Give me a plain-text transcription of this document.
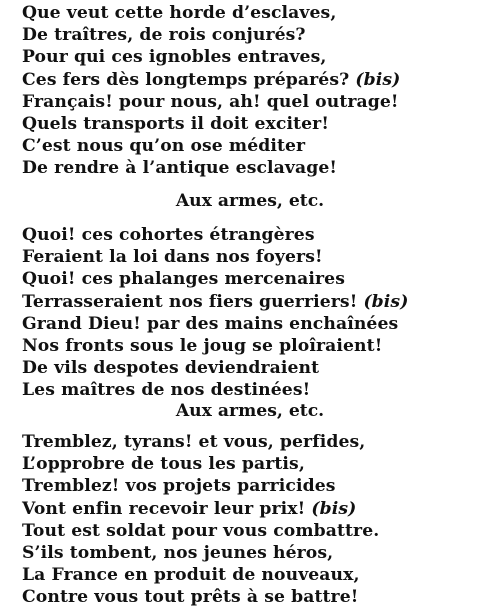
Que veut cette horde d’esclaves,
De traîtres, de rois conjurés?
Pour qui ces ignobles entraves,
Ces fers dès longtemps préparés? (bis)
Français! pour nous, ah! quel outrage!
Quels transports il doit exciter!
C’est nous qu’on ose méditer
De rendre à l’antique esclavage!
Aux armes, etc.
Quoi! ces cohortes étrangères
Feraient la loi dans nos foyers!
Quoi! ces phalanges mercenaires
Terrasseraient nos fiers guerriers! (bis)
Grand Dieu! par des mains enchaînées
Nos fronts sous le joug se ploîraient!
De vils despotes deviendraient
Les maîtres de nos destinées!
Aux armes, etc.
Tremblez, tyrans! et vous, perfides,
L’opprobre de tous les partis,
Tremblez! vos projets parricides
Vont enfin recevoir leur prix! (bis)
Tout est soldat pour vous combattre.
S’ils tombent, nos jeunes héros,
La France en produit de nouveaux,
Contre vous tout prêts à se battre!
